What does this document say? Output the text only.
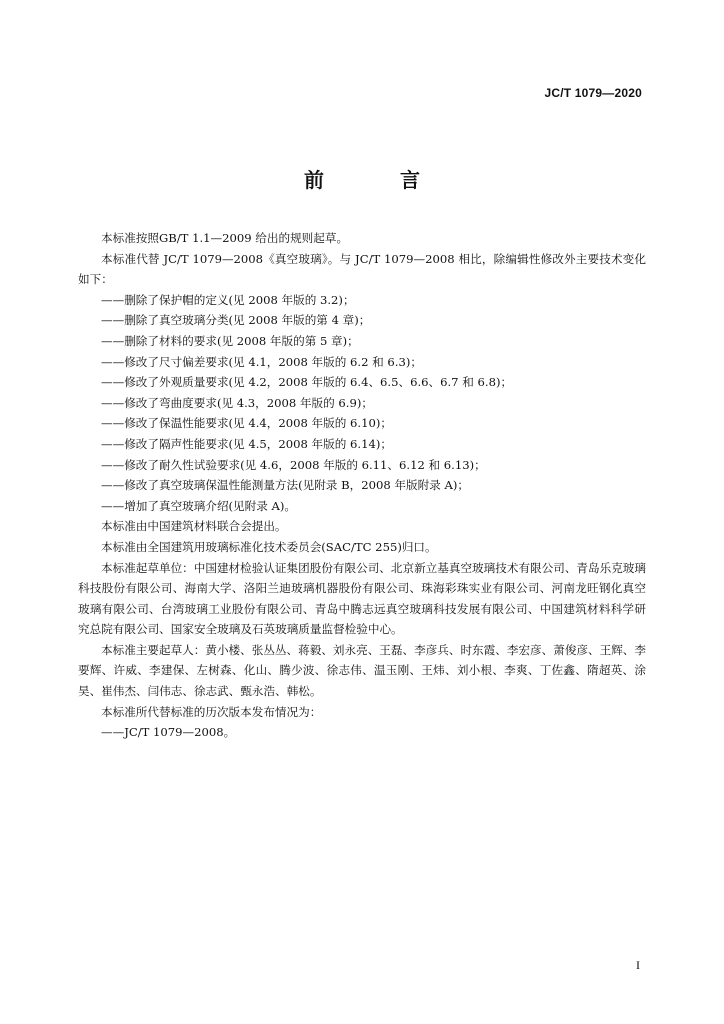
JC/T 1079—2020
前　言

本标准按照GB/T 1.1—2009 给出的规则起草。

本标准代替 JC/T 1079—2008《真空玻璃》。与 JC/T 1079—2008 相比，除编辑性修改外主要技术变化如下：

——删除了保护帽的定义(见 2008 年版的 3.2)；

——删除了真空玻璃分类(见 2008 年版的第 4 章)；

——删除了材料的要求(见 2008 年版的第 5 章)；

——修改了尺寸偏差要求(见 4.1，2008 年版的 6.2 和 6.3)；

——修改了外观质量要求(见 4.2，2008 年版的 6.4、6.5、6.6、6.7 和 6.8)；

——修改了弯曲度要求(见 4.3，2008 年版的 6.9)；

——修改了保温性能要求(见 4.4，2008 年版的 6.10)；

——修改了隔声性能要求(见 4.5，2008 年版的 6.14)；

——修改了耐久性试验要求(见 4.6，2008 年版的 6.11、6.12 和 6.13)；

——修改了真空玻璃保温性能测量方法(见附录 B，2008 年版附录 A)；

——增加了真空玻璃介绍(见附录 A)。

本标准由中国建筑材料联合会提出。

本标准由全国建筑用玻璃标准化技术委员会(SAC/TC 255)归口。

本标准起草单位：中国建材检验认证集团股份有限公司、北京新立基真空玻璃技术有限公司、青岛乐克玻璃科技股份有限公司、海南大学、洛阳兰迪玻璃机器股份有限公司、珠海彩珠实业有限公司、河南龙旺钢化真空玻璃有限公司、台湾玻璃工业股份有限公司、青岛中腾志远真空玻璃科技发展有限公司、中国建筑材料科学研究总院有限公司、国家安全玻璃及石英玻璃质量监督检验中心。

本标准主要起草人：黄小楼、张丛丛、蒋毅、刘永亮、王磊、李彦兵、时东霞、李宏彦、萧俊彦、王辉、李要辉、许威、李建保、左树森、化山、腾少波、徐志伟、温玉刚、王炜、刘小根、李爽、丁佐鑫、隋超英、涂昊、崔伟杰、闫伟志、徐志武、甄永浩、韩松。

本标准所代替标准的历次版本发布情况为：

——JC/T 1079—2008。

I
